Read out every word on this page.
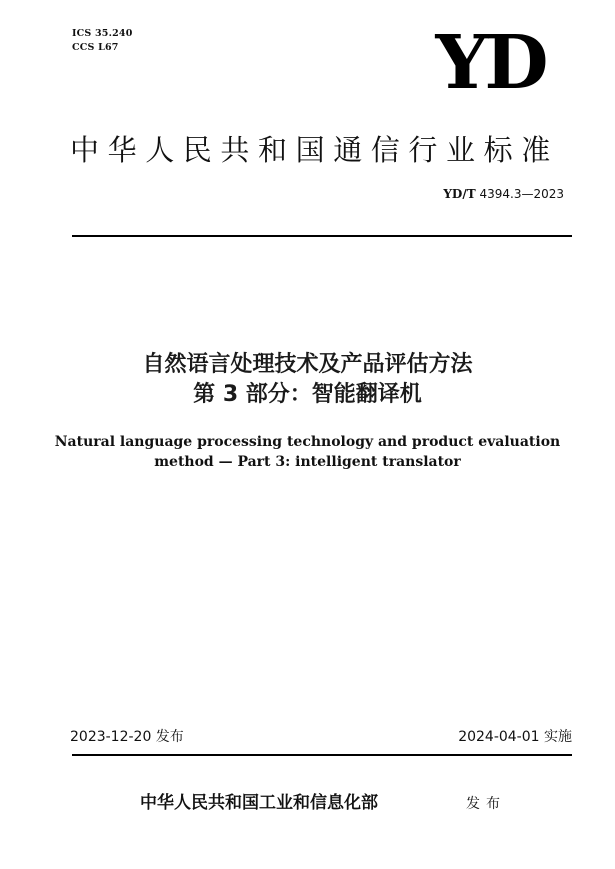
ICS 35.240
CCS L67	YD
中华人民共和国通信行业标准
YD/T 4394.3—2023
自然语言处理技术及产品评估方法
第 3 部分：智能翻译机
Natural language processing technology and product evaluation
method — Part 3: intelligent translator
2023-12-20 发布	2024-04-01 实施
中华人民共和国工业和信息化部	发布
